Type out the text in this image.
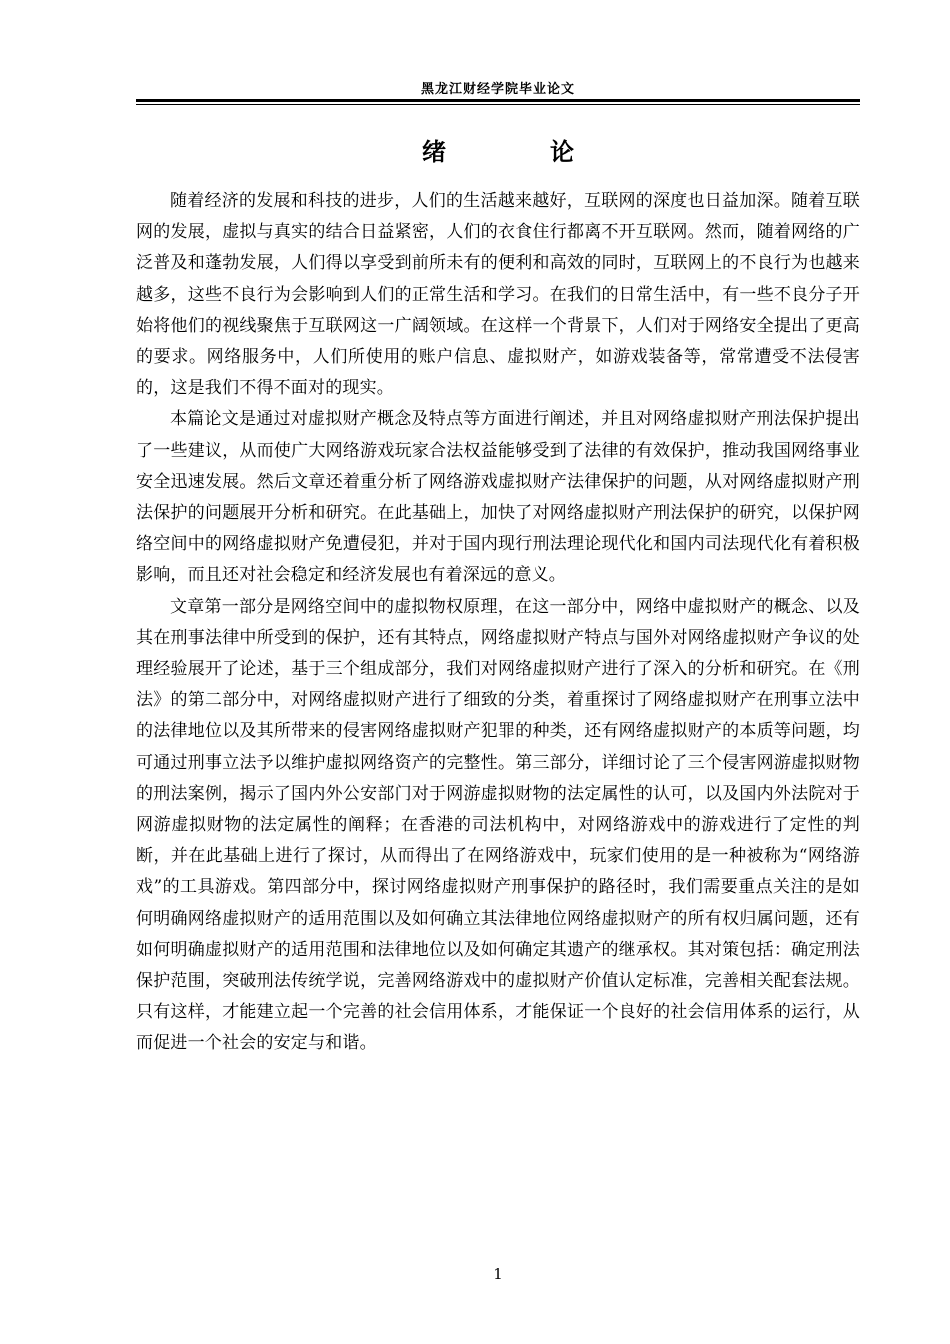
黑龙江财经学院毕业论文
绪　论

随着经济的发展和科技的进步，人们的生活越来越好，互联网的深度也日益加深。随着互联网的发展，虚拟与真实的结合日益紧密，人们的衣食住行都离不开互联网。然而，随着网络的广泛普及和蓬勃发展，人们得以享受到前所未有的便利和高效的同时，互联网上的不良行为也越来越多，这些不良行为会影响到人们的正常生活和学习。在我们的日常生活中，有一些不良分子开始将他们的视线聚焦于互联网这一广阔领域。在这样一个背景下，人们对于网络安全提出了更高的要求。网络服务中，人们所使用的账户信息、虚拟财产，如游戏装备等，常常遭受不法侵害的，这是我们不得不面对的现实。

本篇论文是通过对虚拟财产概念及特点等方面进行阐述，并且对网络虚拟财产刑法保护提出了一些建议，从而使广大网络游戏玩家合法权益能够受到了法律的有效保护，推动我国网络事业安全迅速发展。然后文章还着重分析了网络游戏虚拟财产法律保护的问题，从对网络虚拟财产刑法保护的问题展开分析和研究。在此基础上，加快了对网络虚拟财产刑法保护的研究，以保护网络空间中的网络虚拟财产免遭侵犯，并对于国内现行刑法理论现代化和国内司法现代化有着积极影响，而且还对社会稳定和经济发展也有着深远的意义。

文章第一部分是网络空间中的虚拟物权原理，在这一部分中，网络中虚拟财产的概念、以及其在刑事法律中所受到的保护，还有其特点，网络虚拟财产特点与国外对网络虚拟财产争议的处理经验展开了论述，基于三个组成部分，我们对网络虚拟财产进行了深入的分析和研究。在《刑法》的第二部分中，对网络虚拟财产进行了细致的分类，着重探讨了网络虚拟财产在刑事立法中的法律地位以及其所带来的侵害网络虚拟财产犯罪的种类，还有网络虚拟财产的本质等问题，均可通过刑事立法予以维护虚拟网络资产的完整性。第三部分，详细讨论了三个侵害网游虚拟财物的刑法案例，揭示了国内外公安部门对于网游虚拟财物的法定属性的认可，以及国内外法院对于网游虚拟财物的法定属性的阐释；在香港的司法机构中，对网络游戏中的游戏进行了定性的判断，并在此基础上进行了探讨，从而得出了在网络游戏中，玩家们使用的是一种被称为“网络游戏”的工具游戏。第四部分中，探讨网络虚拟财产刑事保护的路径时，我们需要重点关注的是如何明确网络虚拟财产的适用范围以及如何确立其法律地位网络虚拟财产的所有权归属问题，还有如何明确虚拟财产的适用范围和法律地位以及如何确定其遗产的继承权。其对策包括：确定刑法保护范围，突破刑法传统学说，完善网络游戏中的虚拟财产价值认定标准，完善相关配套法规。只有这样，才能建立起一个完善的社会信用体系，才能保证一个良好的社会信用体系的运行，从而促进一个社会的安定与和谐。

1
